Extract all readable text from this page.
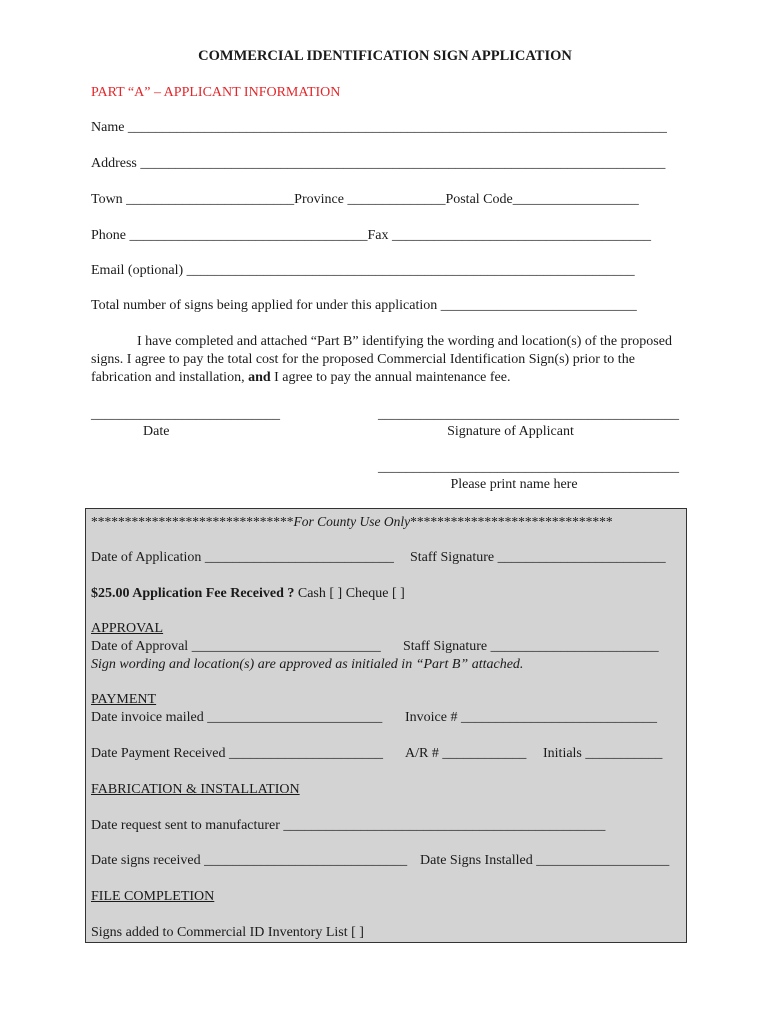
COMMERCIAL IDENTIFICATION SIGN APPLICATION
PART “A” – APPLICANT INFORMATION
Name _____________________________________________________________________________
Address ___________________________________________________________________________
Town ________________________Province ______________Postal Code__________________
Phone __________________________________Fax _____________________________________
Email (optional) ________________________________________________________________
Total number of signs being applied for under this application ____________________________
I have completed and attached “Part B” identifying the wording and location(s) of the proposed signs. I agree to pay the total cost for the proposed Commercial Identification Sign(s) prior to the fabrication and installation, and I agree to pay the annual maintenance fee.
___________________________
Date
___________________________________________
Signature of Applicant
___________________________________________
Please print name here
******************************For County Use Only******************************
Date of Application ___________________________ Staff Signature ________________________
$25.00 Application Fee Received ? Cash [ ] Cheque [ ]
APPROVAL
Date of Approval ___________________________ Staff Signature ________________________
Sign wording and location(s) are approved as initialed in “Part B” attached.
PAYMENT
Date invoice mailed _________________________ Invoice # ____________________________
Date Payment Received ______________________ A/R # ____________ Initials ___________
FABRICATION & INSTALLATION
Date request sent to manufacturer ______________________________________________
Date signs received _____________________________ Date Signs Installed ___________________
FILE COMPLETION
Signs added to Commercial ID Inventory List [ ]
